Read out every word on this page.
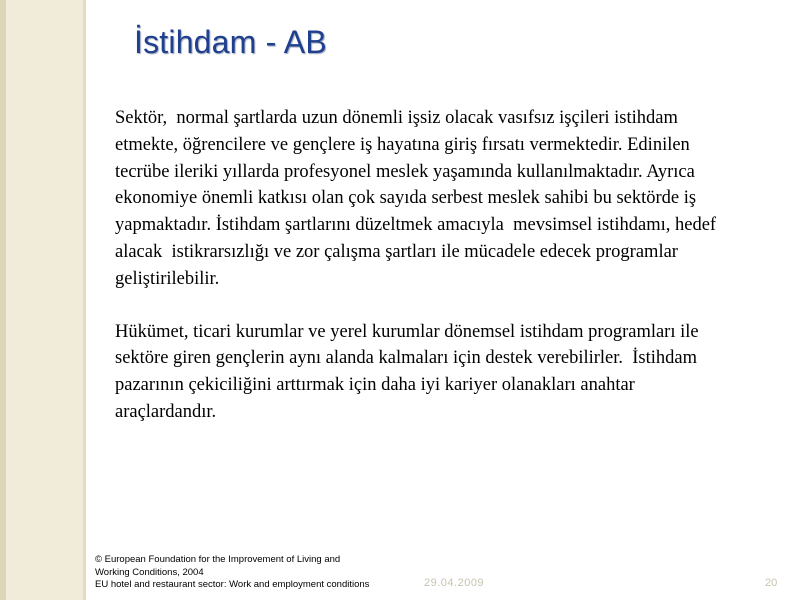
İstihdam - AB

Sektör,  normal şartlarda uzun dönemli işsiz olacak vasıfsız işçileri istihdam etmekte, öğrencilere ve gençlere iş hayatına giriş fırsatı vermektedir. Edinilen tecrübe ileriki yıllarda profesyonel meslek yaşamında kullanılmaktadır. Ayrıca ekonomiye önemli katkısı olan çok sayıda serbest meslek sahibi bu sektörde iş yapmaktadır. İstihdam şartlarını düzeltmek amacıyla  mevsimsel istihdamı, hedef alacak  istikrarsızlığı ve zor çalışma şartları ile mücadele edecek programlar geliştirilebilir.

Hükümet, ticari kurumlar ve yerel kurumlar dönemsel istihdam programları ile sektöre giren gençlerin aynı alanda kalmaları için destek verebilirler.  İstihdam pazarının çekiciliğini arttırmak için daha iyi kariyer olanakları anahtar araçlardandır.

© European Foundation for the Improvement of Living and
Working Conditions, 2004
EU hotel and restaurant sector: Work and employment conditions	29.04.2009	20
